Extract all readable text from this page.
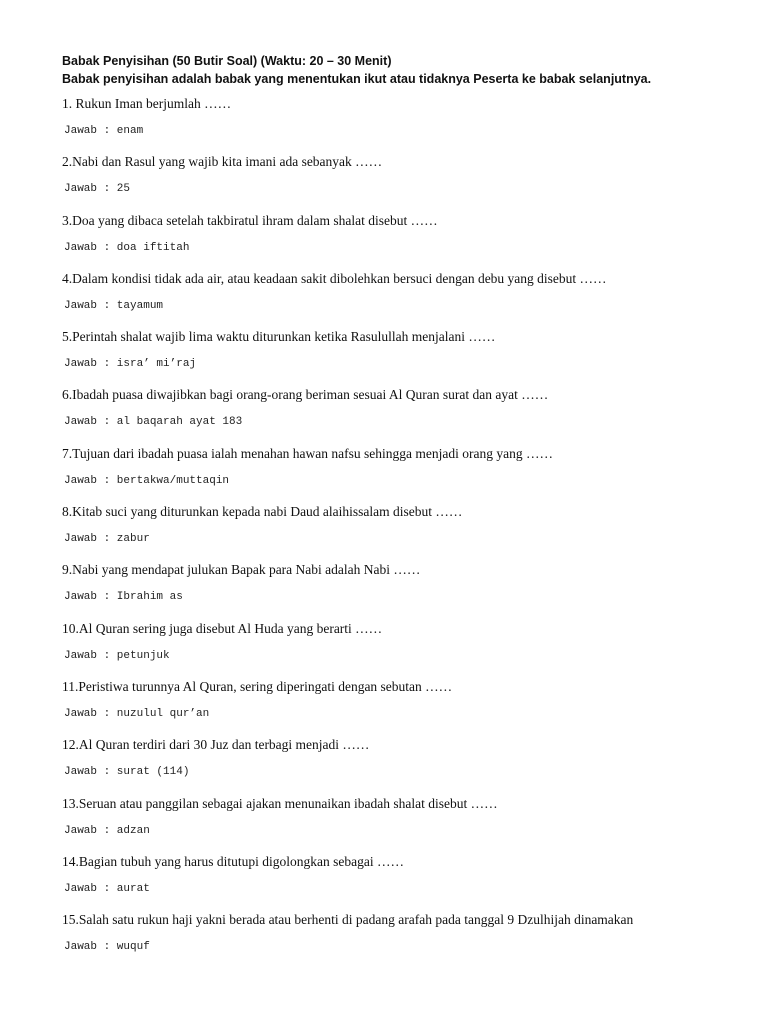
Babak Penyisihan (50 Butir Soal) (Waktu: 20 – 30 Menit)
Babak penyisihan adalah babak yang menentukan ikut atau tidaknya Peserta ke babak selanjutnya.
1. Rukun Iman berjumlah ……
Jawab : enam
2.Nabi dan Rasul yang wajib kita imani ada sebanyak ……
Jawab : 25
3.Doa yang dibaca setelah takbiratul ihram dalam shalat disebut ……
Jawab : doa iftitah
4.Dalam kondisi tidak ada air, atau keadaan sakit dibolehkan bersuci dengan debu yang disebut ……
Jawab : tayamum
5.Perintah shalat wajib lima waktu diturunkan ketika Rasulullah menjalani ……
Jawab : isra’ mi’raj
6.Ibadah puasa diwajibkan bagi orang-orang beriman sesuai Al Quran surat dan ayat ……
Jawab : al baqarah ayat 183
7.Tujuan dari ibadah puasa ialah menahan hawan nafsu sehingga menjadi orang yang ……
Jawab : bertakwa/muttaqin
8.Kitab suci yang diturunkan kepada nabi Daud alaihissalam disebut ……
Jawab : zabur
9.Nabi yang mendapat julukan Bapak para Nabi adalah Nabi ……
Jawab : Ibrahim as
10.Al Quran sering juga disebut Al Huda yang berarti ……
Jawab : petunjuk
11.Peristiwa turunnya Al Quran, sering diperingati dengan sebutan ……
Jawab : nuzulul qur’an
12.Al Quran terdiri dari 30 Juz dan terbagi menjadi ……
Jawab : surat (114)
13.Seruan atau panggilan sebagai ajakan menunaikan ibadah shalat disebut ……
Jawab : adzan
14.Bagian tubuh yang harus ditutupi digolongkan sebagai ……
Jawab : aurat
15.Salah satu rukun haji yakni berada atau berhenti di padang arafah pada tanggal 9 Dzulhijah dinamakan
Jawab : wuquf
